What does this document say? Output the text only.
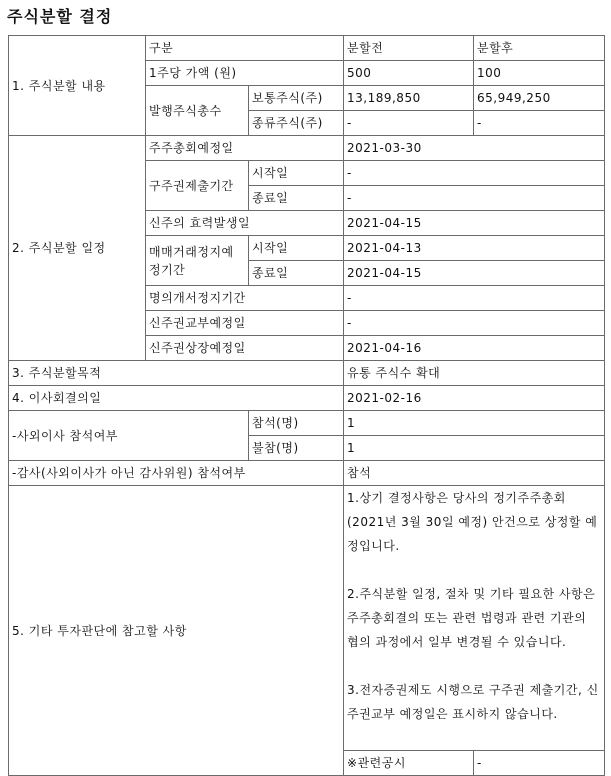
주식분할 결정
1. 주식분할 내용	구분		분할전	분할후
	1주당 가액 (원)		500	100
	발행주식총수	보통주식(주)	13,189,850	65,949,250
		종류주식(주)	-	-
2. 주식분할 일정	주주총회예정일		2021-03-30	
	구주권제출기간	시작일	-	
		종료일	-	
	신주의 효력발생일		2021-04-15	
	매매거래정지예정기간	시작일	2021-04-13	
		종료일	2021-04-15	
	명의개서정지기간		-	
	신주권교부예정일		-	
	신주권상장예정일		2021-04-16	
3. 주식분할목적			유통 주식수 확대	
4. 이사회결의일			2021-02-16	
-사외이사 참석여부		참석(명)	1	
		불참(명)	1	
-감사(사외이사가 아닌 감사위원) 참석여부			참석	
5. 기타 투자판단에 참고할 사항			1.상기 결정사항은 당사의 정기주주총회(2021년 3월 30일 예정) 안건으로 상정할 예정입니다.
2.주식분할 일정, 절차 및 기타 필요한 사항은 주주총회결의 또는 관련 법령과 관련 기관의 협의 과정에서 일부 변경될 수 있습니다.
3.전자증권제도 시행으로 구주권 제출기간, 신주권교부 예정일은 표시하지 않습니다.	

			※관련공시	-
